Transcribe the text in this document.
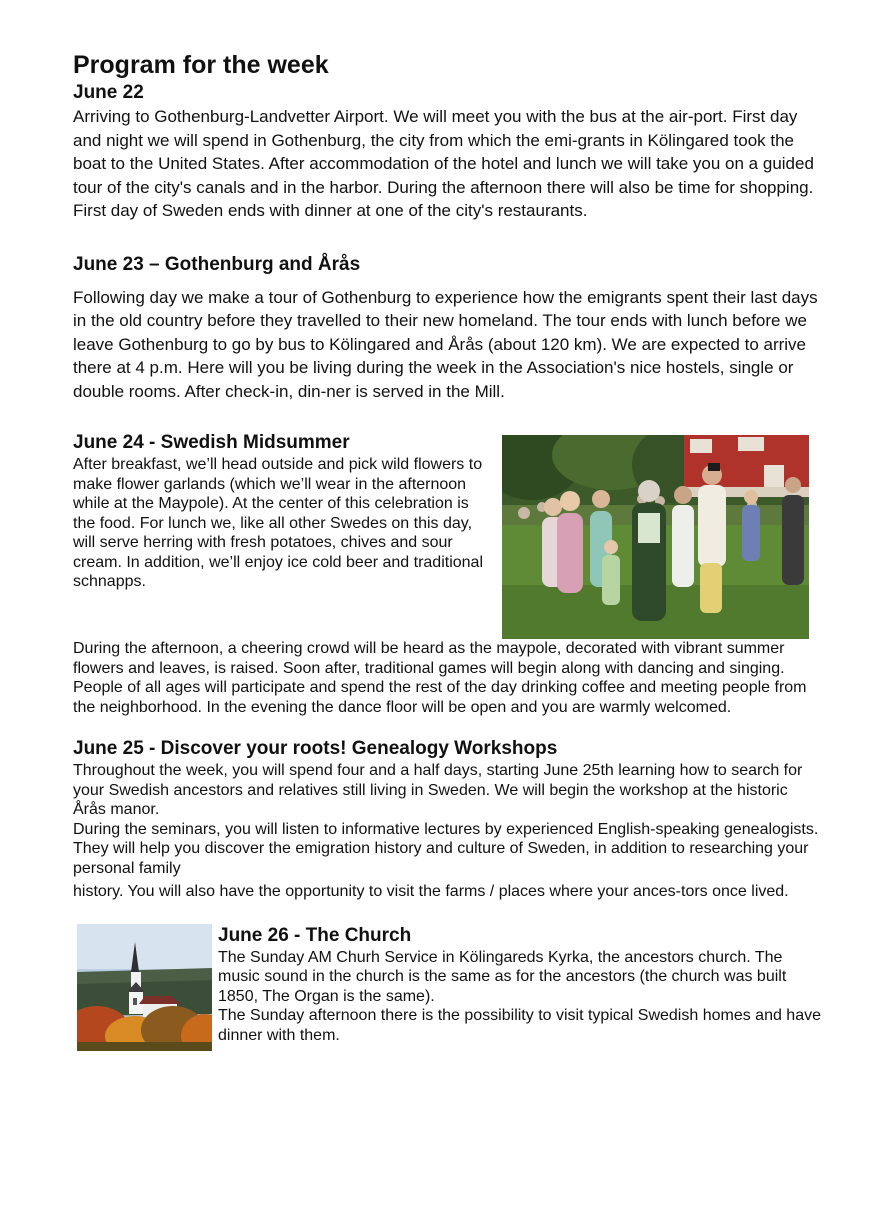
Program for the week
June 22

Arriving to Gothenburg-Landvetter Airport. We will meet you with the bus at the air-port. First day and night we will spend in Gothenburg, the city from which the emi-grants in Kölingared took the boat to the United States. After accommodation of the hotel and lunch we will take you on a guided tour of the city's canals and in the harbor. During the afternoon there will also be time for shopping. First day of Sweden ends with dinner at one of the city's restaurants.

June 23 – Gothenburg and Årås

Following day we make a tour of Gothenburg to experience how the emigrants spent their last days in the old country before they travelled to their new homeland. The tour ends with lunch before we leave Gothenburg to go by bus to Kölingared and Årås (about 120 km). We are expected to arrive there at 4 p.m. Here will you be living during the week in the Association's nice hostels, single or double rooms. After check-in, din-ner is served in the Mill.

June 24 - Swedish Midsummer

After breakfast, we’ll head outside and pick wild flowers to make flower garlands (which we’ll wear in the afternoon while at the Maypole). At the center of this celebration is the food. For lunch we, like all other Swedes on this day, will serve herring with fresh potatoes, chives and sour cream. In addition, we’ll enjoy ice cold beer and traditional schnapps.

During the afternoon, a cheering crowd will be heard as the maypole, decorated with vibrant summer flowers and leaves, is raised. Soon after, traditional games will begin along with dancing and singing. People of all ages will participate and spend the rest of the day drinking coffee and meeting people from the neighborhood. In the evening the dance floor will be open and you are warmly welcomed.

June 25 - Discover your roots! Genealogy Workshops

Throughout the week, you will spend four and a half days, starting June 25th learning how to search for your Swedish ancestors and relatives still living in Sweden. We will begin the workshop at the historic Årås manor.

During the seminars, you will listen to informative lectures by experienced English-speaking genealogists. They will help you discover the emigration history and culture of Sweden, in addition to researching your personal family

history. You will also have the opportunity to visit the farms / places where your ances-tors once lived.

June 26 - The Church

The Sunday AM Churh Service in Kölingareds Kyrka, the ancestors church. The music sound in the church is the same as for the ancestors (the church was built 1850, The Organ is the same).

The Sunday afternoon there is the possibility to visit typical Swedish homes and have dinner with them.
